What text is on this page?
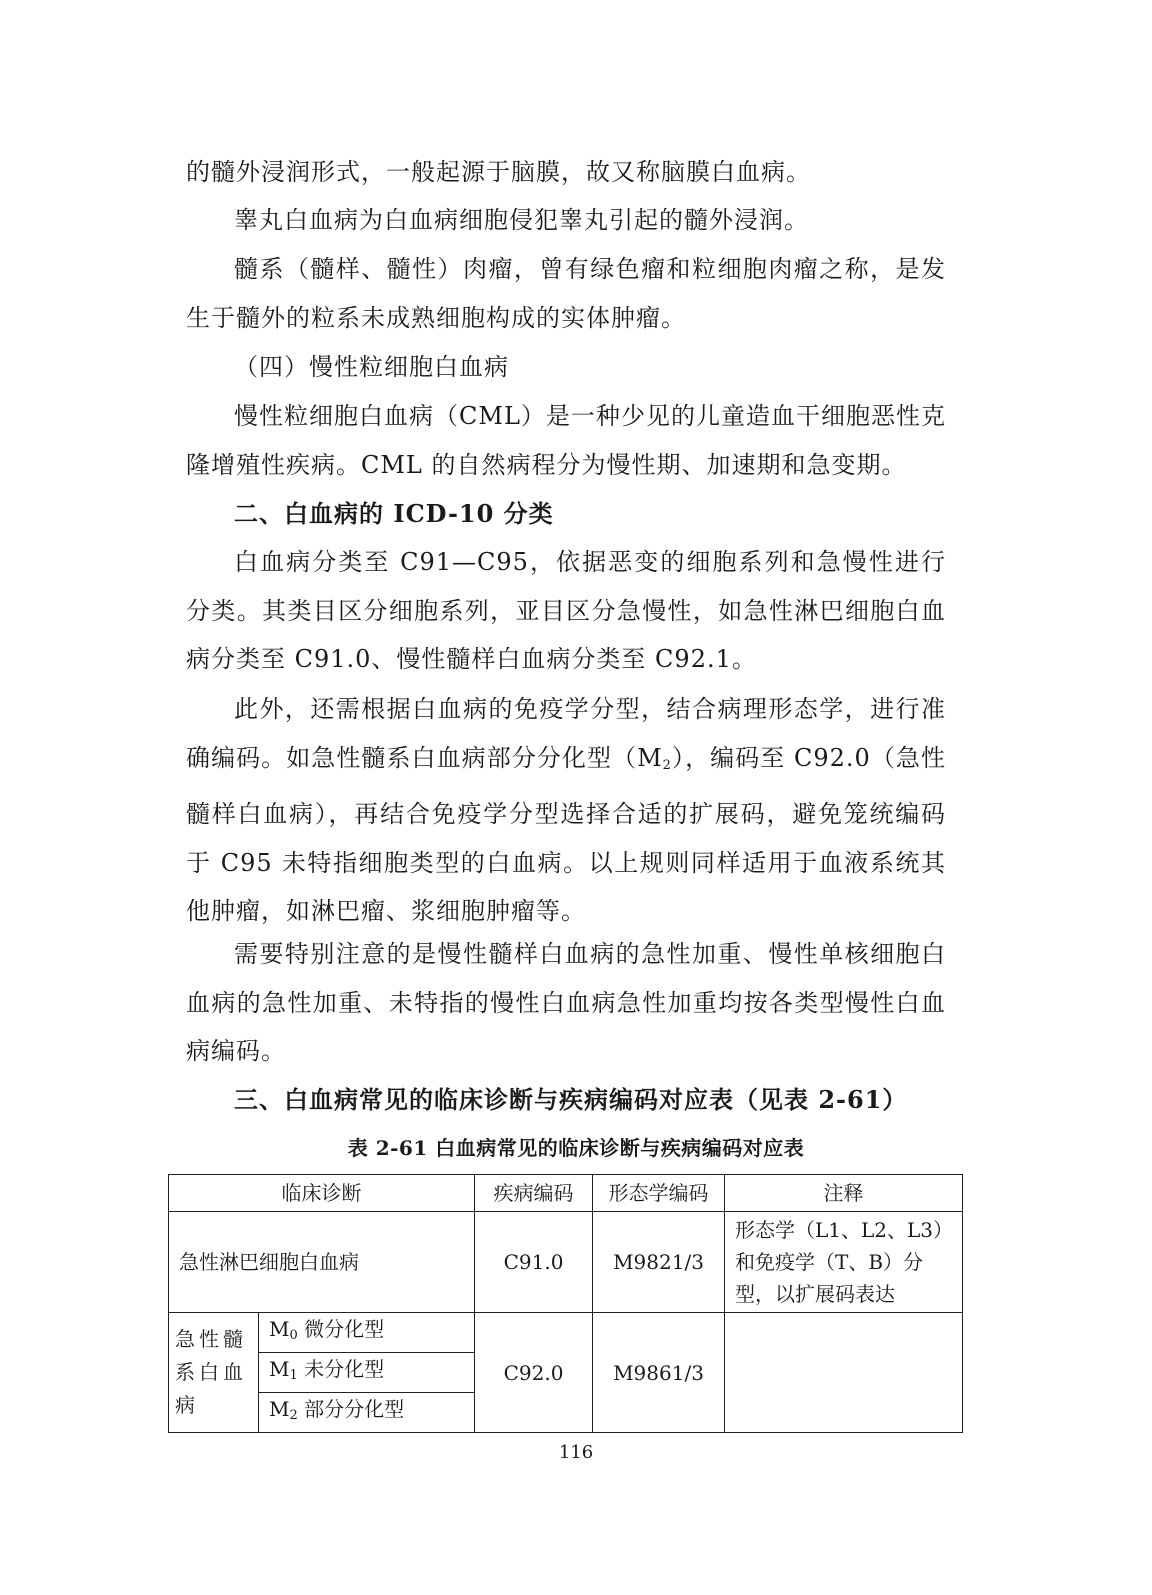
的髓外浸润形式，一般起源于脑膜，故又称脑膜白血病。

睾丸白血病为白血病细胞侵犯睾丸引起的髓外浸润。

髓系（髓样、髓性）肉瘤，曾有绿色瘤和粒细胞肉瘤之称，是发生于髓外的粒系未成熟细胞构成的实体肿瘤。

（四）慢性粒细胞白血病

慢性粒细胞白血病（CML）是一种少见的儿童造血干细胞恶性克隆增殖性疾病。CML 的自然病程分为慢性期、加速期和急变期。

二、白血病的 ICD-10 分类

白血病分类至 C91—C95，依据恶变的细胞系列和急慢性进行分类。其类目区分细胞系列，亚目区分急慢性，如急性淋巴细胞白血病分类至 C91.0、慢性髓样白血病分类至 C92.1。

此外，还需根据白血病的免疫学分型，结合病理形态学，进行准确编码。如急性髓系白血病部分分化型$(M_2)$，编码至 C92.0（急性髓样白血病），再结合免疫学分型选择合适的扩展码，避免笼统编码于 C95 未特指细胞类型的白血病。以上规则同样适用于血液系统其他肿瘤，如淋巴瘤、浆细胞肿瘤等。

需要特别注意的是慢性髓样白血病的急性加重、慢性单核细胞白血病的急性加重、未特指的慢性白血病急性加重均按各类型慢性白血病编码。

三、白血病常见的临床诊断与疾病编码对应表（见表 2-61）

表 2-61 白血病常见的临床诊断与疾病编码对应表
临床诊断		疾病编码	形态学编码	注释
急性淋巴细胞白血病		C91.0	M9821/3	形态学（L1、L2、L3）和免疫学（T、B）分型，以扩展码表达
急性髓系白血病	$M_0$ 微分化型	C92.0	M9861/3	
	$M_1$ 未分化型			
	$M_2$ 部分分化型			
116
